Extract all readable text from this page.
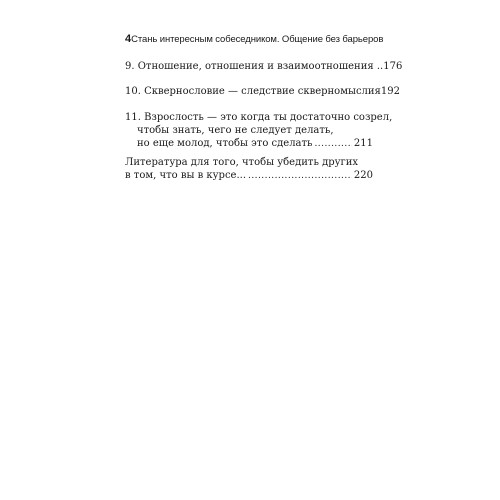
4 Стань интересным собеседником. Общение без барьеров
9. Отношение, отношения и взаимоотношения .. 176
10. Сквернословие — следствие скверномыслия 192
11. Взрослость — это когда ты достаточно созрел,
чтобы знать, чего не следует делать,
но еще молод, чтобы это сделать . . .	211
Литература для того, чтобы убедить других
в том, что вы в курсе... . . .	220
